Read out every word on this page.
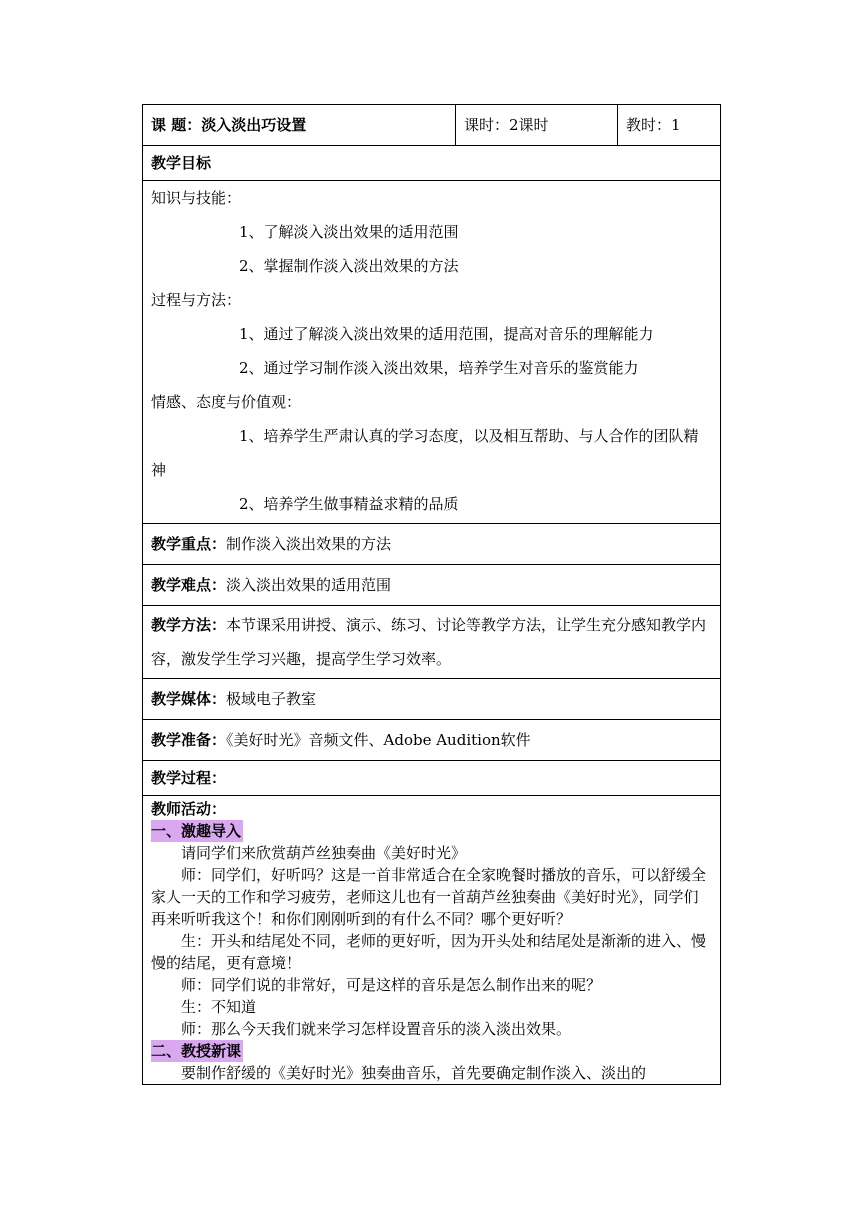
课 题：淡入淡出巧设置	课时：2课时	教时：1
教学目标

知识与技能：
1、了解淡入淡出效果的适用范围
2、掌握制作淡入淡出效果的方法
过程与方法：
1、通过了解淡入淡出效果的适用范围，提高对音乐的理解能力
2、通过学习制作淡入淡出效果，培养学生对音乐的鉴赏能力
情感、态度与价值观：
1、培养学生严肃认真的学习态度，以及相互帮助、与人合作的团队精神
2、培养学生做事精益求精的品质

教学重点：制作淡入淡出效果的方法
教学难点：淡入淡出效果的适用范围
教学方法：本节课采用讲授、演示、练习、讨论等教学方法，让学生充分感知教学内容，激发学生学习兴趣，提高学生学习效率。
教学媒体：极域电子教室
教学准备：《美好时光》音频文件、Adobe Audition软件
教学过程：

教师活动：
一、激趣导入
请同学们来欣赏葫芦丝独奏曲《美好时光》
师：同学们，好听吗？这是一首非常适合在全家晚餐时播放的音乐，可以舒缓全家人一天的工作和学习疲劳，老师这儿也有一首葫芦丝独奏曲《美好时光》，同学们再来听听我这个！和你们刚刚听到的有什么不同？哪个更好听？
生：开头和结尾处不同，老师的更好听，因为开头处和结尾处是渐渐的进入、慢慢的结尾，更有意境！
师：同学们说的非常好，可是这样的音乐是怎么制作出来的呢？
生：不知道
师：那么今天我们就来学习怎样设置音乐的淡入淡出效果。
二、教授新课
要制作舒缓的《美好时光》独奏曲音乐，首先要确定制作淡入、淡出的
